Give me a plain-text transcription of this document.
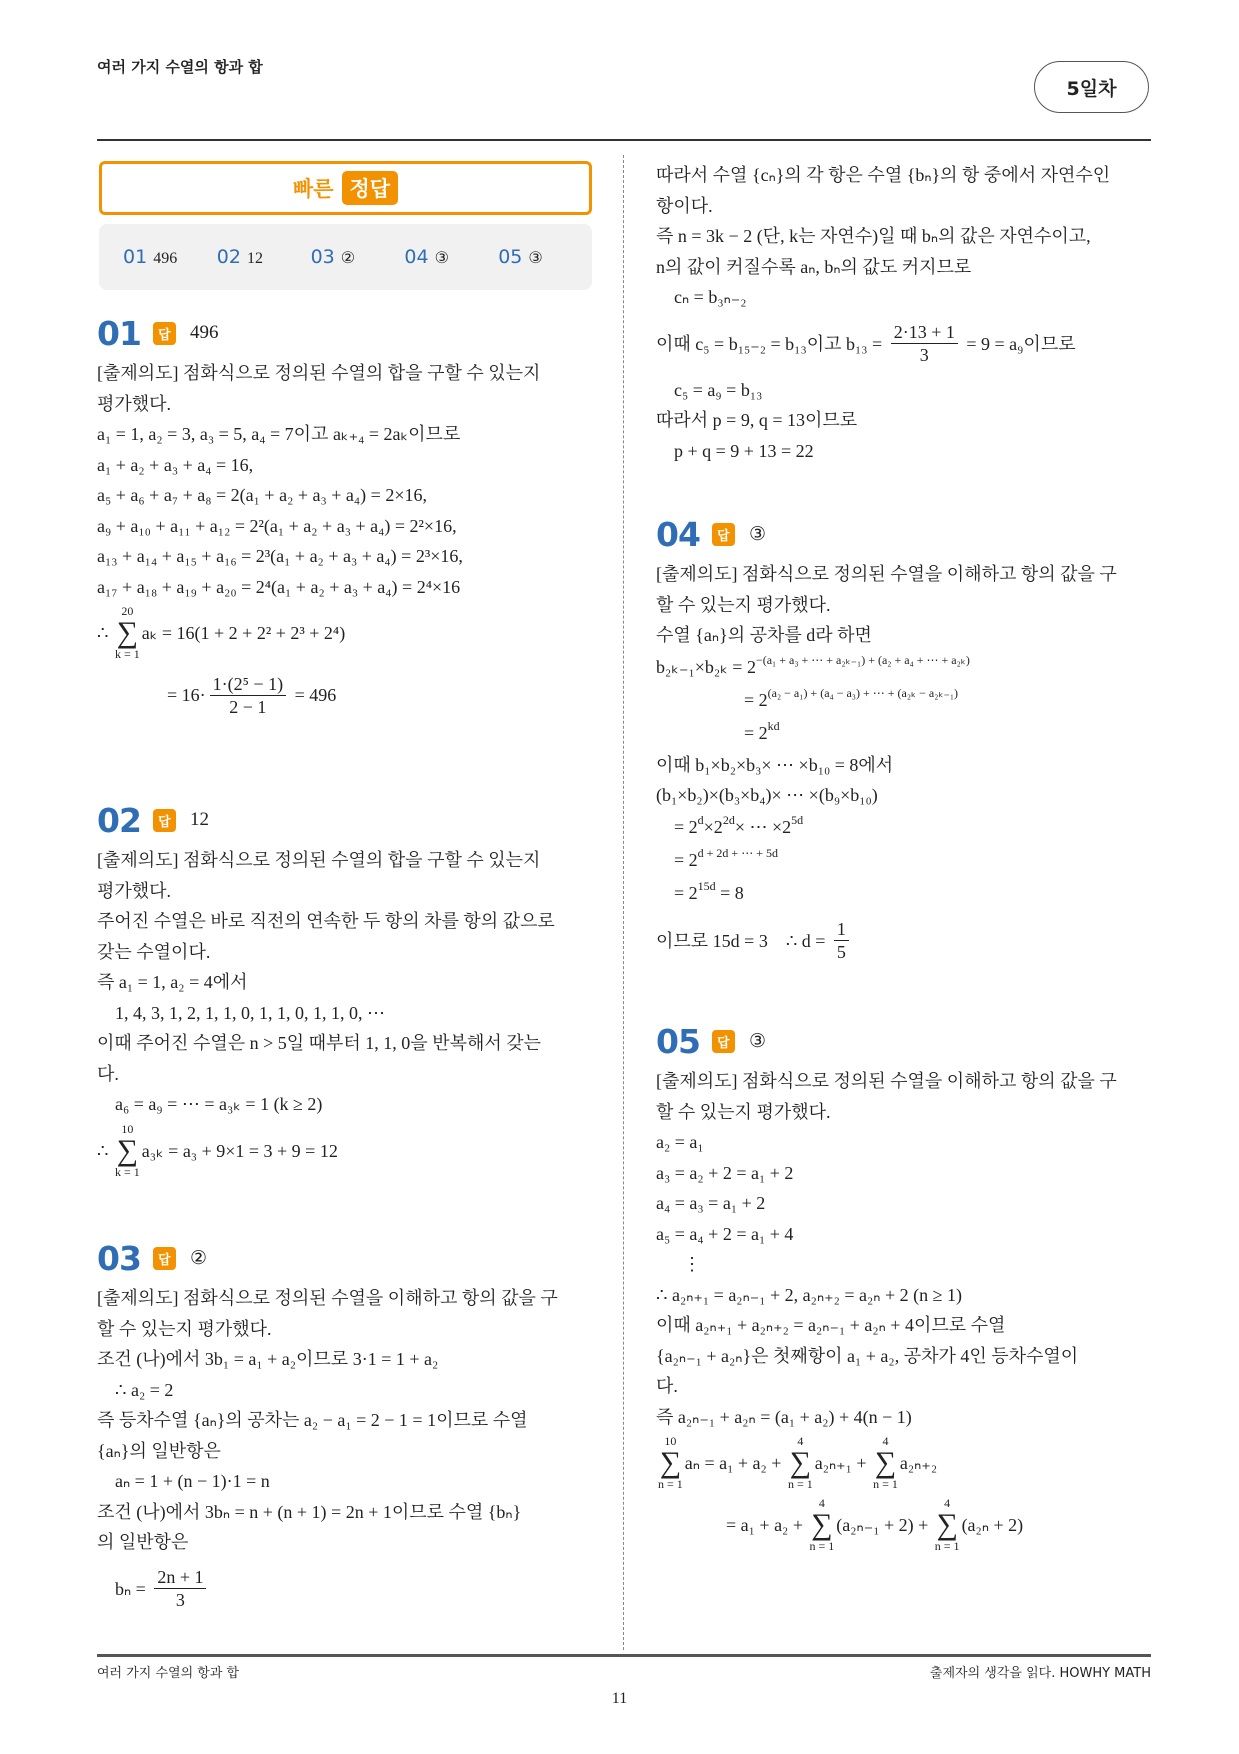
여러 가지 수열의 항과 합
5일차
빠른 정답
01 496	02 12	03 ②	04 ③	05 ③
01	답 496
[출제의도] 점화식으로 정의된 수열의 합을 구할 수 있는지
평가했다.
a₁ = 1, a₂ = 3, a₃ = 5, a₄ = 7이고 aₖ₊₄ = 2aₖ이므로
a₁ + a₂ + a₃ + a₄ = 16,
a₅ + a₆ + a₇ + a₈ = 2(a₁ + a₂ + a₃ + a₄) = 2×16,
a₉ + a₁₀ + a₁₁ + a₁₂ = 2²(a₁ + a₂ + a₃ + a₄) = 2²×16,
a₁₃ + a₁₄ + a₁₅ + a₁₆ = 2³(a₁ + a₂ + a₃ + a₄) = 2³×16,
a₁₇ + a₁₈ + a₁₉ + a₂₀ = 2⁴(a₁ + a₂ + a₃ + a₄) = 2⁴×16
∴
20
∑
k = 1
aₖ = 16(1 + 2 + 2² + 2³ + 2⁴)
= $16\cdot \frac{\text{1·(2⁵ − 1)}}{2 - 1} = 496$
02	답 12
[출제의도] 점화식으로 정의된 수열의 합을 구할 수 있는지
평가했다.
주어진 수열은 바로 직전의 연속한 두 항의 차를 항의 값으로
갖는 수열이다.
즉 a₁ = 1, a₂ = 4에서
1, 4, 3, 1, 2, 1, 1, 0, 1, 1, 0, 1, 1, 0, ⋯
이때 주어진 수열은 n > 5일 때부터 1, 1, 0을 반복해서 갖는
다.
a₆ = a₉ = ⋯ = a₃ₖ = 1 (k ≥ 2)
∴
10
∑
k = 1
a₃ₖ = a₃ + 9×1 = 3 + 9 = 12
03	답 ②
[출제의도] 점화식으로 정의된 수열을 이해하고 항의 값을 구
할 수 있는지 평가했다.
조건 (나)에서 3b₁ = a₁ + a₂이므로 3·1 = 1 + a₂
∴ a₂ = 2
즉 등차수열 {aₙ}의 공차는 a₂ − a₁ = 2 − 1 = 1이므로 수열
{aₙ}의 일반항은
aₙ = 1 + (n − 1)·1 = n
조건 (나)에서 3bₙ = n + (n + 1) = 2n + 1이므로 수열 {bₙ}
의 일반항은
$b_n = \frac{2n + 1}{3}$
따라서 수열 {cₙ}의 각 항은 수열 {bₙ}의 항 중에서 자연수인
항이다.
즉 n = 3k − 2 (단, k는 자연수)일 때 bₙ의 값은 자연수이고,
n의 값이 커질수록 aₙ, bₙ의 값도 커지므로
cₙ = b₃ₙ₋₂
이때 c₅ = b₁₅₋₂ = b₁₃이고 $b_{13} = \frac{2\cdot 13 + 1}{3} = 9 = a_9$이므로
c₅ = a₉ = b₁₃
따라서 p = 9, q = 13이므로
p + q = 9 + 13 = 22
04	답 ③
[출제의도] 점화식으로 정의된 수열을 이해하고 항의 값을 구
할 수 있는지 평가했다.
수열 {aₙ}의 공차를 d라 하면
$b_{2k-1}\times b_{2k} = 2^{-(a_1 + a_3 + \cdots + a_{2k-1}) + (a_2 + a_4 + \cdots + a_{2k})}$
= $2^{(a_2 - a_1) + (a_4 - a_3) + \cdots + (a_{2k} - a_{2k-1})}$
= $2^{kd}$
이때 b₁×b₂×b₃× ⋯ ×b₁₀ = 8에서
(b₁×b₂)×(b₃×b₄)× ⋯ ×(b₉×b₁₀)
= $2^d \times 2^{2d}$ × ⋯ $\times 2^{5d}$
= $2^{d + 2d + \cdots + 5d}$
= $2^{15d} = 8$
이므로 15d = 3    ∴ $d = \frac{1}{5}$
05	답 ③
[출제의도] 점화식으로 정의된 수열을 이해하고 항의 값을 구
할 수 있는지 평가했다.
a₂ = a₁
a₃ = a₂ + 2 = a₁ + 2
a₄ = a₃ = a₁ + 2
a₅ = a₄ + 2 = a₁ + 4
⋮
∴ a₂ₙ₊₁ = a₂ₙ₋₁ + 2, a₂ₙ₊₂ = a₂ₙ + 2 (n ≥ 1)
이때 a₂ₙ₊₁ + a₂ₙ₊₂ = a₂ₙ₋₁ + a₂ₙ + 4이므로 수열
{a₂ₙ₋₁ + a₂ₙ}은 첫째항이 a₁ + a₂, 공차가 4인 등차수열이
다.
즉 a₂ₙ₋₁ + a₂ₙ = (a₁ + a₂) + 4(n − 1)
10
∑
n = 1
aₙ = a₁ + a₂ +
4
∑
n = 1
a₂ₙ₊₁ +
4
∑
n = 1
a₂ₙ₊₂
= a₁ + a₂ +
4
∑
n = 1
(a₂ₙ₋₁ + 2) +
4
∑
n = 1
(a₂ₙ + 2)
여러 가지 수열의 항과 합	출제자의 생각을 읽다. HOWHY MATH
11
